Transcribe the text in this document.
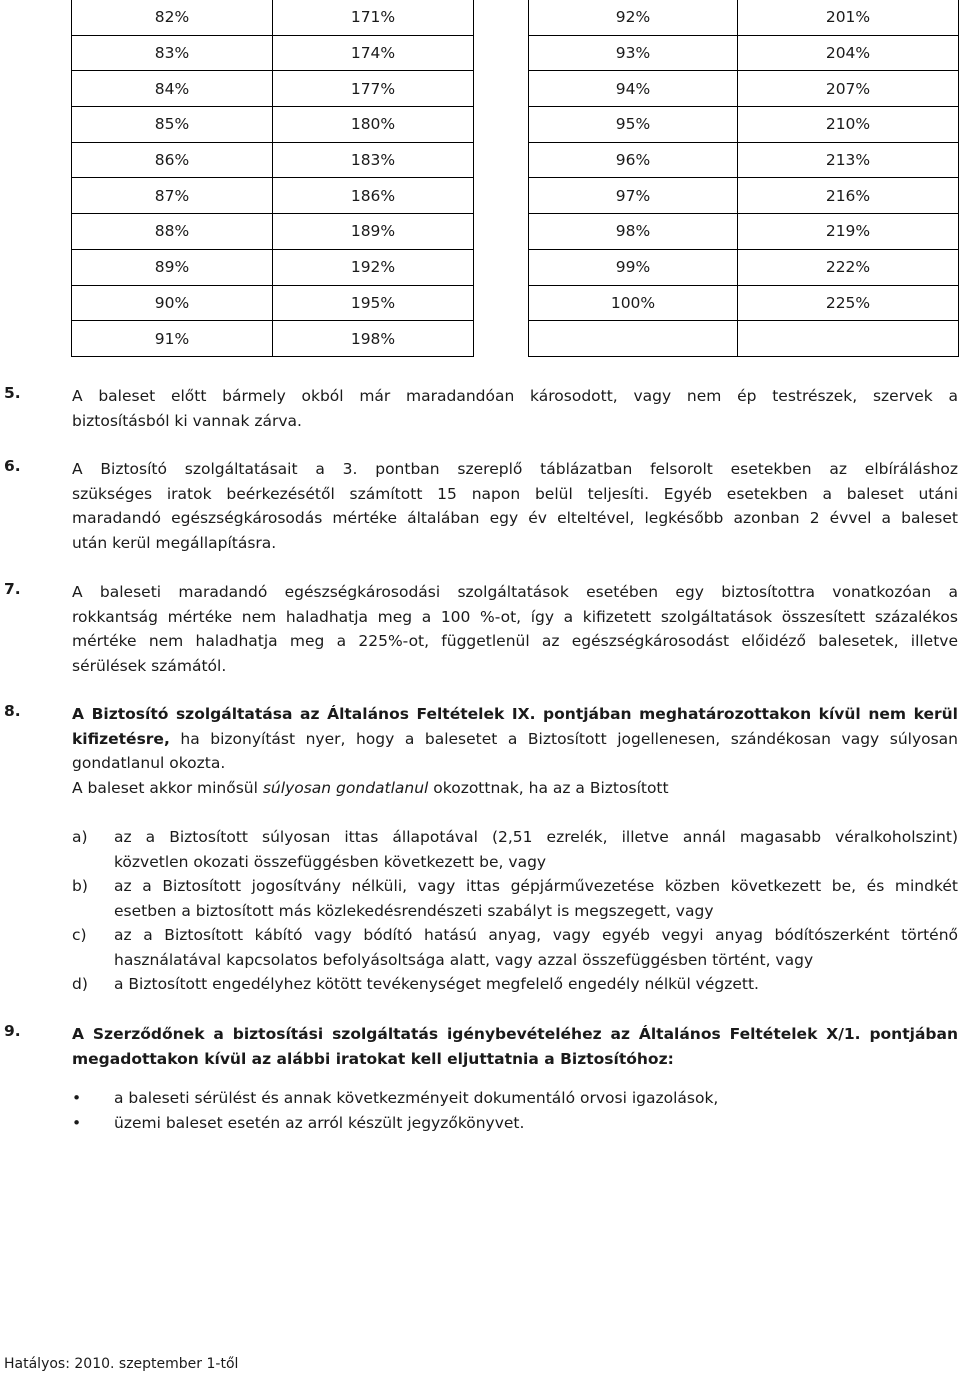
82%	171%
83%	174%
84%	177%
85%	180%
86%	183%
87%	186%
88%	189%
89%	192%
90%	195%
91%	198%
92%	201%
93%	204%
94%	207%
95%	210%
96%	213%
97%	216%
98%	219%
99%	222%
100%	225%

5.	A baleset előtt bármely okból már maradandóan károsodott, vagy nem ép testrészek, szervek a
biztosításból ki vannak zárva.
6.	A Biztosító szolgáltatásait a 3. pontban szereplő táblázatban felsorolt esetekben az elbíráláshoz
szükséges iratok beérkezésétől számított 15 napon belül teljesíti. Egyéb esetekben a baleset utáni
maradandó egészségkárosodás mértéke általában egy év elteltével, legkésőbb azonban 2 évvel a baleset
után kerül megállapításra.
7.	A baleseti maradandó egészségkárosodási szolgáltatások esetében egy biztosítottra vonatkozóan a
rokkantság mértéke nem haladhatja meg a 100 %-ot, így a kifizetett szolgáltatások összesített százalékos
mértéke nem haladhatja meg a 225%-ot, függetlenül az egészségkárosodást előidéző balesetek, illetve
sérülések számától.
8.	A Biztosító szolgáltatása az Általános Feltételek IX. pontjában meghatározottakon kívül nem kerül
kifizetésre, ha bizonyítást nyer, hogy a balesetet a Biztosított jogellenesen, szándékosan vagy súlyosan
gondatlanul okozta.
A baleset akkor minősül súlyosan gondatlanul okozottnak, ha az a Biztosított
a)	az a Biztosított súlyosan ittas állapotával (2,51 ezrelék, illetve annál magasabb véralkoholszint)
közvetlen okozati összefüggésben következett be, vagy
b)	az a Biztosított jogosítvány nélküli, vagy ittas gépjárművezetése közben következett be, és mindkét
esetben a biztosított más közlekedésrendészeti szabályt is megszegett, vagy
c)	az a Biztosított kábító vagy bódító hatású anyag, vagy egyéb vegyi anyag bódítószerként történő
használatával kapcsolatos befolyásoltsága alatt, vagy azzal összefüggésben történt, vagy
d)	a Biztosított engedélyhez kötött tevékenységet megfelelő engedély nélkül végzett.
9.	A Szerződőnek a biztosítási szolgáltatás igénybevételéhez az Általános Feltételek X/1. pontjában
megadottakon kívül az alábbi iratokat kell eljuttatnia a Biztosítóhoz:
•	a baleseti sérülést és annak következményeit dokumentáló orvosi igazolások,
•	üzemi baleset esetén az arról készült jegyzőkönyvet.
Hatályos: 2010. szeptember 1-től
